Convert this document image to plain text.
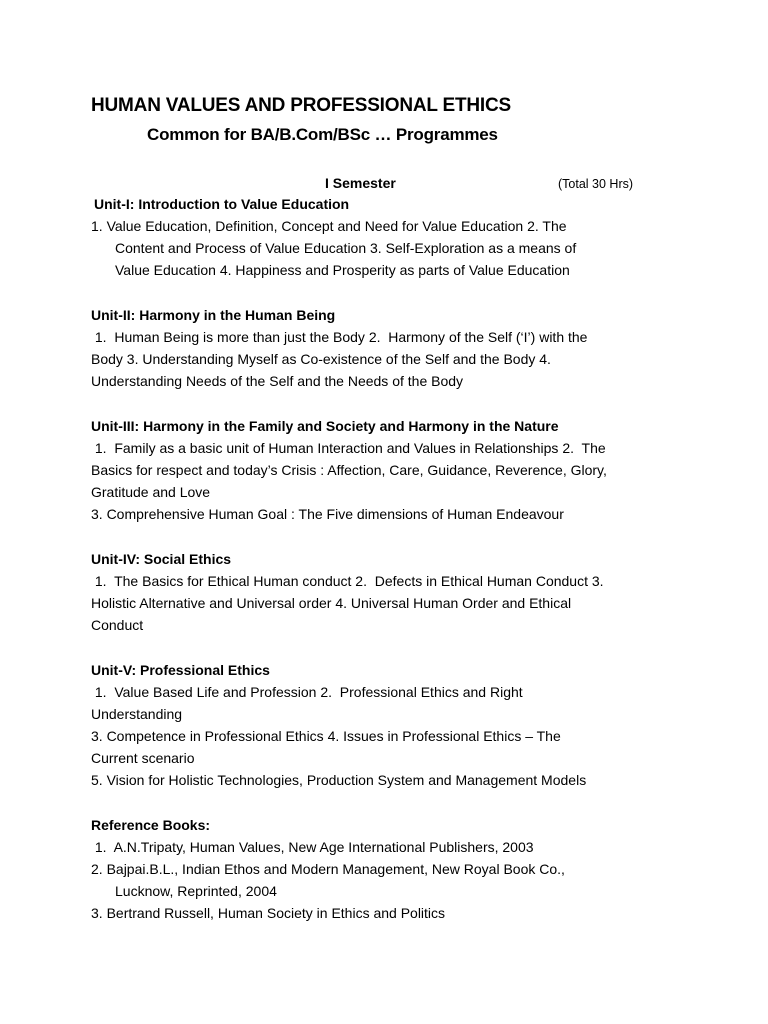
HUMAN VALUES AND PROFESSIONAL ETHICS
Common for BA/B.Com/BSc … Programmes
I Semester	(Total 30 Hrs)
Unit-I: Introduction to Value Education
1. Value Education, Definition, Concept and Need for Value Education 2. The
Content and Process of Value Education 3. Self-Exploration as a means of
Value Education 4. Happiness and Prosperity as parts of Value Education
Unit-II: Harmony in the Human Being
1.  Human Being is more than just the Body 2.  Harmony of the Self (‘I’) with the
Body 3. Understanding Myself as Co-existence of the Self and the Body 4.
Understanding Needs of the Self and the Needs of the Body
Unit-III: Harmony in the Family and Society and Harmony in the Nature
1.  Family as a basic unit of Human Interaction and Values in Relationships 2.  The
Basics for respect and today’s Crisis : Affection, Care, Guidance, Reverence, Glory,
Gratitude and Love
3. Comprehensive Human Goal : The Five dimensions of Human Endeavour
Unit-IV: Social Ethics
1.  The Basics for Ethical Human conduct 2.  Defects in Ethical Human Conduct 3.
Holistic Alternative and Universal order 4. Universal Human Order and Ethical
Conduct
Unit-V: Professional Ethics
1.  Value Based Life and Profession 2.  Professional Ethics and Right
Understanding
3. Competence in Professional Ethics 4. Issues in Professional Ethics – The
Current scenario
5. Vision for Holistic Technologies, Production System and Management Models
Reference Books:
1.  A.N.Tripaty, Human Values, New Age International Publishers, 2003
2. Bajpai.B.L., Indian Ethos and Modern Management, New Royal Book Co.,
Lucknow, Reprinted, 2004
3. Bertrand Russell, Human Society in Ethics and Politics
